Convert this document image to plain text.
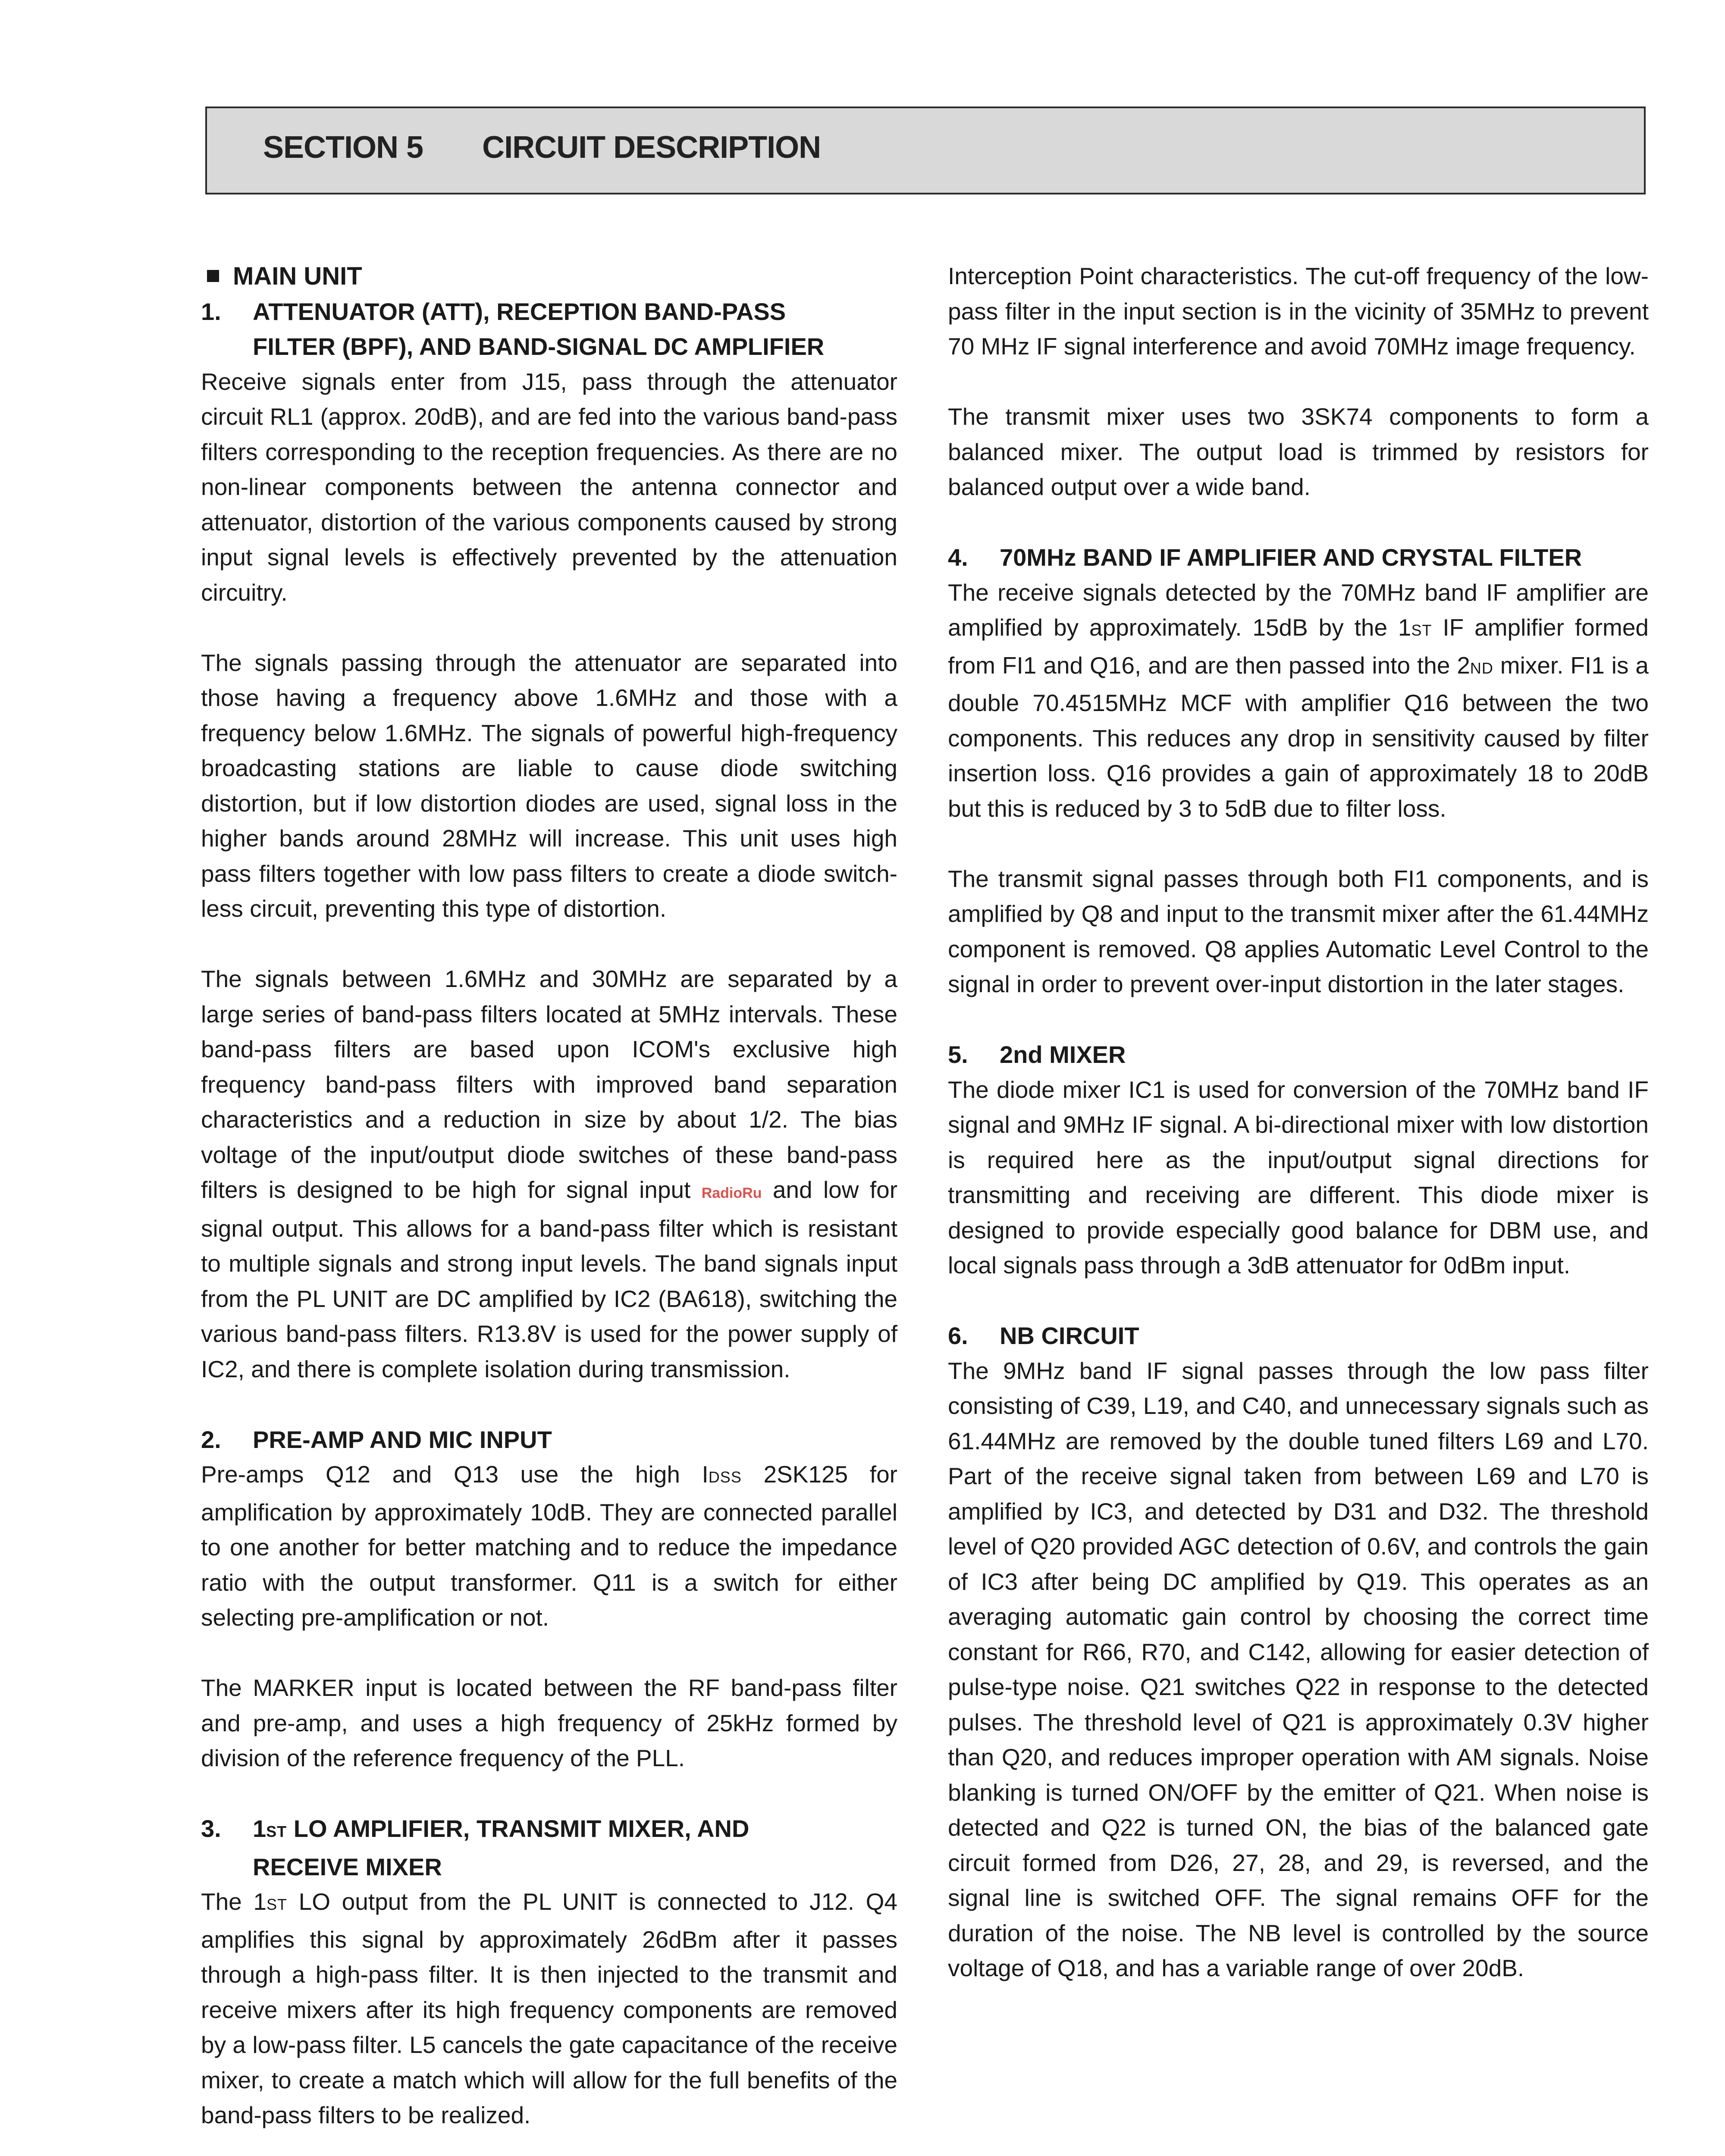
SECTION 5 CIRCUIT DESCRIPTION
MAIN UNIT
1.	ATTENUATOR (ATT), RECEPTION BAND-PASS
FILTER (BPF), AND BAND-SIGNAL DC AMPLIFIER

Receive signals enter from J15, pass through the attenuator circuit RL1 (approx. 20dB), and are fed into the various band-pass filters corresponding to the reception frequencies. As there are no non-linear components between the antenna connector and attenuator, distortion of the various components caused by strong input signal levels is effectively prevented by the attenuation circuitry.

The signals passing through the attenuator are separated into those having a frequency above 1.6MHz and those with a frequency below 1.6MHz. The signals of powerful high-frequency broadcasting stations are liable to cause diode switching distortion, but if low distortion diodes are used, signal loss in the higher bands around 28MHz will increase. This unit uses high pass filters together with low pass filters to create a diode switch-less circuit, preventing this type of distortion.

The signals between 1.6MHz and 30MHz are separated by a large series of band-pass filters located at 5MHz intervals. These band-pass filters are based upon ICOM's exclusive high frequency band-pass filters with improved band separation characteristics and a reduction in size by about 1/2. The bias voltage of the input/output diode switches of these band-pass filters is designed to be high for signal input RadioRu and low for signal output. This allows for a band-pass filter which is resistant to multiple signals and strong input levels. The band signals input from the PL UNIT are DC amplified by IC2 (BA618), switching the various band-pass filters. R13.8V is used for the power supply of IC2, and there is complete isolation during transmission.

2.	PRE-AMP AND MIC INPUT

Pre-amps Q12 and Q13 use the high IDSS 2SK125 for amplification by approximately 10dB. They are connected parallel to one another for better matching and to reduce the impedance ratio with the output transformer. Q11 is a switch for either selecting pre-amplification or not.

The MARKER input is located between the RF band-pass filter and pre-amp, and uses a high frequency of 25kHz formed by division of the reference frequency of the PLL.

3.	1ST LO AMPLIFIER, TRANSMIT MIXER, AND
RECEIVE MIXER

The 1ST LO output from the PL UNIT is connected to J12. Q4 amplifies this signal by approximately 26dBm after it passes through a high-pass filter. It is then injected to the transmit and receive mixers after its high frequency components are removed by a low-pass filter. L5 cancels the gate capacitance of the receive mixer, to create a match which will allow for the full benefits of the band-pass filters to be realized.

Interception Point characteristics. The cut-off frequency of the low-pass filter in the input section is in the vicinity of 35MHz to prevent 70 MHz IF signal interference and avoid 70MHz image frequency.

The transmit mixer uses two 3SK74 components to form a balanced mixer. The output load is trimmed by resistors for balanced output over a wide band.

4.	70MHz BAND IF AMPLIFIER AND CRYSTAL FILTER

The receive signals detected by the 70MHz band IF amplifier are amplified by approximately. 15dB by the 1ST IF amplifier formed from FI1 and Q16, and are then passed into the 2ND mixer. FI1 is a double 70.4515MHz MCF with amplifier Q16 between the two components. This reduces any drop in sensitivity caused by filter insertion loss. Q16 provides a gain of approximately 18 to 20dB but this is reduced by 3 to 5dB due to filter loss.

The transmit signal passes through both FI1 components, and is amplified by Q8 and input to the transmit mixer after the 61.44MHz component is removed. Q8 applies Automatic Level Control to the signal in order to prevent over-input distortion in the later stages.

5.	2nd MIXER

The diode mixer IC1 is used for conversion of the 70MHz band IF signal and 9MHz IF signal. A bi-directional mixer with low distortion is required here as the input/output signal directions for transmitting and receiving are different. This diode mixer is designed to provide especially good balance for DBM use, and local signals pass through a 3dB attenuator for 0dBm input.

6.	NB CIRCUIT

The 9MHz band IF signal passes through the low pass filter consisting of C39, L19, and C40, and unnecessary signals such as 61.44MHz are removed by the double tuned filters L69 and L70. Part of the receive signal taken from between L69 and L70 is amplified by IC3, and detected by D31 and D32. The threshold level of Q20 provided AGC detection of 0.6V, and controls the gain of IC3 after being DC amplified by Q19. This operates as an averaging automatic gain control by choosing the correct time constant for R66, R70, and C142, allowing for easier detection of pulse-type noise. Q21 switches Q22 in response to the detected pulses. The threshold level of Q21 is approximately 0.3V higher than Q20, and reduces improper operation with AM signals. Noise blanking is turned ON/OFF by the emitter of Q21. When noise is detected and Q22 is turned ON, the bias of the balanced gate circuit formed from D26, 27, 28, and 29, is reversed, and the signal line is switched OFF. The signal remains OFF for the duration of the noise. The NB level is controlled by the source voltage of Q18, and has a variable range of over 20dB.
